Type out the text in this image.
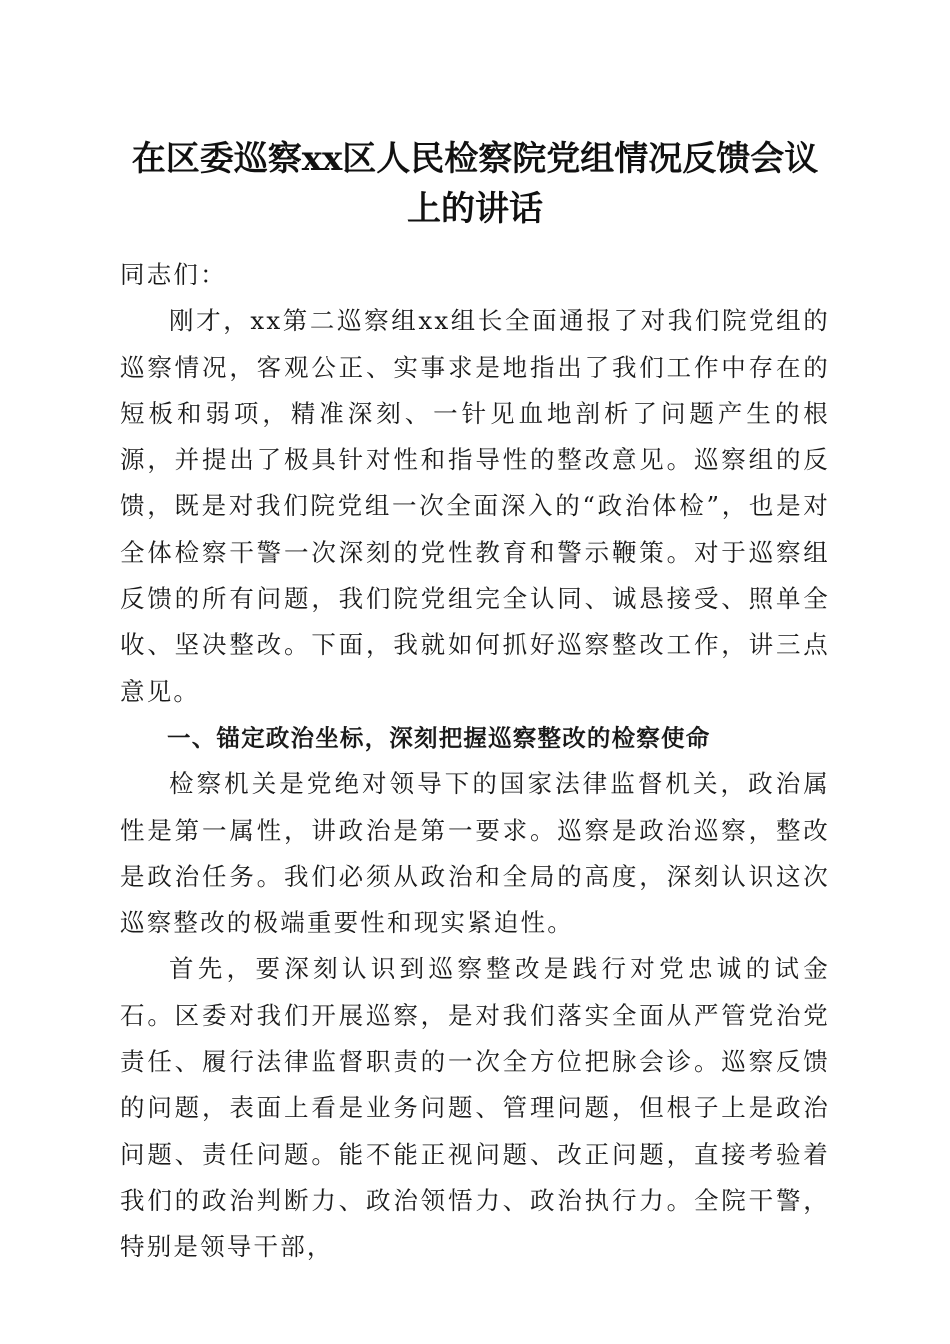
在区委巡察xx区人民检察院党组情况反馈会议上的讲话

同志们：

刚才，xx第二巡察组xx组长全面通报了对我们院党组的巡察情况，客观公正、实事求是地指出了我们工作中存在的短板和弱项，精准深刻、一针见血地剖析了问题产生的根源，并提出了极具针对性和指导性的整改意见。巡察组的反馈，既是对我们院党组一次全面深入的“政治体检”，也是对全体检察干警一次深刻的党性教育和警示鞭策。对于巡察组反馈的所有问题，我们院党组完全认同、诚恳接受、照单全收、坚决整改。下面，我就如何抓好巡察整改工作，讲三点意见。

一、锚定政治坐标，深刻把握巡察整改的检察使命

检察机关是党绝对领导下的国家法律监督机关，政治属性是第一属性，讲政治是第一要求。巡察是政治巡察，整改是政治任务。我们必须从政治和全局的高度，深刻认识这次巡察整改的极端重要性和现实紧迫性。

首先，要深刻认识到巡察整改是践行对党忠诚的试金石。区委对我们开展巡察，是对我们落实全面从严管党治党责任、履行法律监督职责的一次全方位把脉会诊。巡察反馈的问题，表面上看是业务问题、管理问题，但根子上是政治问题、责任问题。能不能正视问题、改正问题，直接考验着我们的政治判断力、政治领悟力、政治执行力。全院干警，特别是领导干部，
